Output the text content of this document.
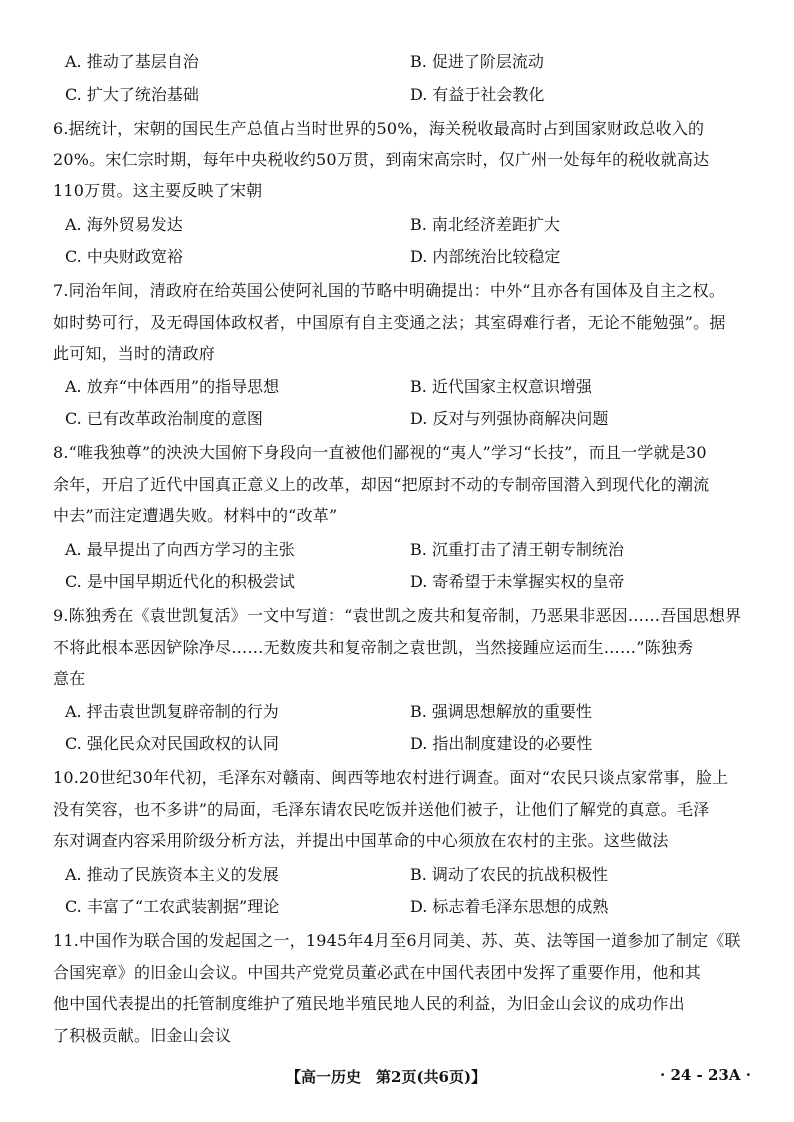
A. 推动了基层自治	B. 促进了阶层流动
C. 扩大了统治基础	D. 有益于社会教化
6.据统计，宋朝的国民生产总值占当时世界的50%，海关税收最高时占到国家财政总收入的
20%。宋仁宗时期，每年中央税收约50万贯，到南宋高宗时，仅广州一处每年的税收就高达
110万贯。这主要反映了宋朝
A. 海外贸易发达	B. 南北经济差距扩大
C. 中央财政宽裕	D. 内部统治比较稳定
7.同治年间，清政府在给英国公使阿礼国的节略中明确提出：中外“且亦各有国体及自主之权。
如时势可行，及无碍国体政权者，中国原有自主变通之法；其室碍难行者，无论不能勉强”。据
此可知，当时的清政府
A. 放弃“中体西用”的指导思想	B. 近代国家主权意识增强
C. 已有改革政治制度的意图	D. 反对与列强协商解决问题
8.“唯我独尊”的泱泱大国俯下身段向一直被他们鄙视的“夷人”学习“长技”，而且一学就是30
余年，开启了近代中国真正意义上的改革，却因“把原封不动的专制帝国潜入到现代化的潮流
中去”而注定遭遇失败。材料中的“改革”
A. 最早提出了向西方学习的主张	B. 沉重打击了清王朝专制统治
C. 是中国早期近代化的积极尝试	D. 寄希望于未掌握实权的皇帝
9.陈独秀在《袁世凯复活》一文中写道：“袁世凯之废共和复帝制，乃恶果非恶因……吾国思想界
不将此根本恶因铲除净尽……无数废共和复帝制之袁世凯，当然接踵应运而生……”陈独秀
意在
A. 抨击袁世凯复辟帝制的行为	B. 强调思想解放的重要性
C. 强化民众对民国政权的认同	D. 指出制度建设的必要性
10.20世纪30年代初，毛泽东对赣南、闽西等地农村进行调查。面对“农民只谈点家常事，脸上
没有笑容，也不多讲”的局面，毛泽东请农民吃饭并送他们被子，让他们了解党的真意。毛泽
东对调查内容采用阶级分析方法，并提出中国革命的中心须放在农村的主张。这些做法
A. 推动了民族资本主义的发展	B. 调动了农民的抗战积极性
C. 丰富了“工农武装割据”理论	D. 标志着毛泽东思想的成熟
11.中国作为联合国的发起国之一，1945年4月至6月同美、苏、英、法等国一道参加了制定《联
合国宪章》的旧金山会议。中国共产党党员董必武在中国代表团中发挥了重要作用，他和其
他中国代表提出的托管制度维护了殖民地半殖民地人民的利益，为旧金山会议的成功作出
了积极贡献。旧金山会议
【高一历史　第2页(共6页)】	· 24 - 23A ·
